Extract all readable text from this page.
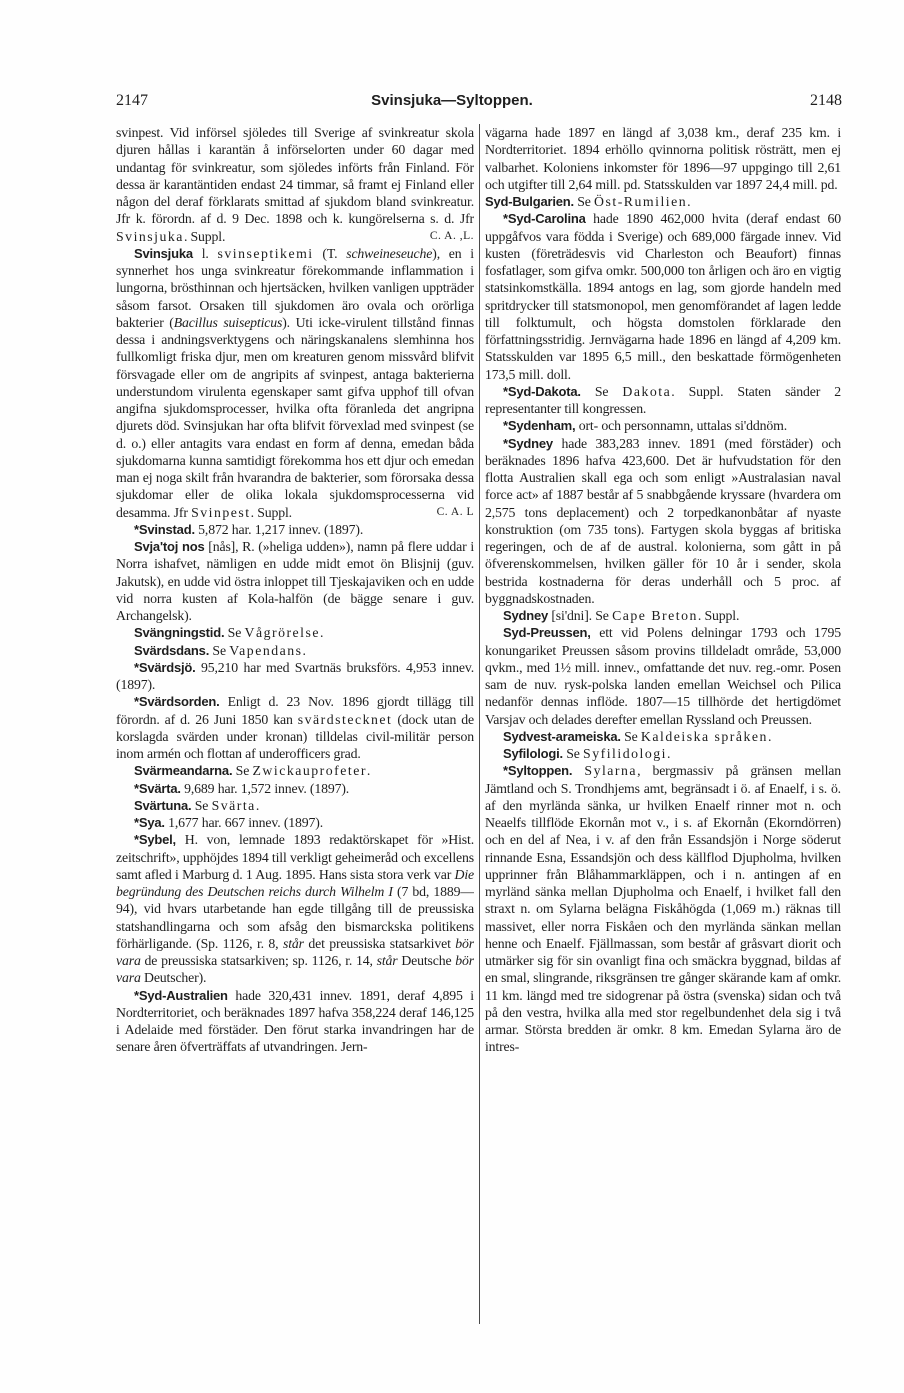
2147	Svinsjuka—Syltoppen.	2148

svinpest. Vid införsel sjöledes till Sverige af svinkreatur skola djuren hållas i karantän å införselorten under 60 dagar med undantag för svinkreatur, som sjöledes införts från Finland. För dessa är karantäntiden endast 24 timmar, så framt ej Finland eller någon del deraf förklarats smittad af sjukdom bland svinkreatur. Jfr k. förordn. af d. 9 Dec. 1898 och k. kungörelserna s. d. Jfr Svinsjuka. Suppl.	C. A. ,L.

Svinsjuka l. svinseptikemi (T. schweineseuche), en i synnerhet hos unga svinkreatur förekommande inflammation i lungorna, brösthinnan och hjertsäcken, hvilken vanligen uppträder såsom farsot. Orsaken till sjukdomen äro ovala och orörliga bakterier (Bacillus suisepticus). Uti icke-virulent tillstånd finnas dessa i andningsverktygens och näringskanalens slemhinna hos fullkomligt friska djur, men om kreaturen genom missvård blifvit försvagade eller om de angripits af svinpest, antaga bakterierna understundom virulenta egenskaper samt gifva upphof till ofvan angifna sjukdomsprocesser, hvilka ofta föranleda det angripna djurets död. Svinsjukan har ofta blifvit förvexlad med svinpest (se d. o.) eller antagits vara endast en form af denna, emedan båda sjukdomarna kunna samtidigt förekomma hos ett djur och emedan man ej noga skilt från hvarandra de bakterier, som förorsaka dessa sjukdomar eller de olika lokala sjukdomsprocesserna vid desamma. Jfr Svinpest. Suppl.	C. A. L

*Svinstad. 5,872 har. 1,217 innev. (1897).

Svja'toj nos [nås], R. (»heliga udden»), namn på flere uddar i Norra ishafvet, nämligen en udde midt emot ön Blisjnij (guv. Jakutsk), en udde vid östra inloppet till Tjeskajaviken och en udde vid norra kusten af Kola-halfön (de bägge senare i guv. Archangelsk).

Svängningstid. Se Vågrörelse.

Svärdsdans. Se Vapendans.

*Svärdsjö. 95,210 har med Svartnäs bruksförs. 4,953 innev. (1897).

*Svärdsorden. Enligt d. 23 Nov. 1896 gjordt tillägg till förordn. af d. 26 Juni 1850 kan svärdstecknet (dock utan de korslagda svärden under kronan) tilldelas civil-militär person inom armén och flottan af underofficers grad.

Svärmeandarna. Se Zwickauprofeter.

*Svärta. 9,689 har. 1,572 innev. (1897).

Svärtuna. Se Svärta.

*Sya. 1,677 har. 667 innev. (1897).

*Sybel, H. von, lemnade 1893 redaktörskapet för »Hist. zeitschrift», upphöjdes 1894 till verkligt geheimeråd och excellens samt afled i Marburg d. 1 Aug. 1895. Hans sista stora verk var Die begründung des Deutschen reichs durch Wilhelm I (7 bd, 1889—94), vid hvars utarbetande han egde tillgång till de preussiska statshandlingarna och som afsåg den bismarckska politikens förhärligande. (Sp. 1126, r. 8, står det preussiska statsarkivet bör vara de preussiska statsarkiven; sp. 1126, r. 14, står Deutsche bör vara Deutscher).

*Syd-Australien hade 320,431 innev. 1891, deraf 4,895 i Nordterritoriet, och beräknades 1897 hafva 358,224 deraf 146,125 i Adelaide med förstäder. Den förut starka invandringen har de senare åren öfverträffats af utvandringen. Jern-

vägarna hade 1897 en längd af 3,038 km., deraf 235 km. i Nordterritoriet. 1894 erhöllo qvinnorna politisk rösträtt, men ej valbarhet. Koloniens inkomster för 1896—97 uppgingo till 2,61 och utgifter till 2,64 mill. pd. Statsskulden var 1897 24,4 mill. pd.

Syd-Bulgarien. Se Öst-Rumilien.

*Syd-Carolina hade 1890 462,000 hvita (deraf endast 60 uppgåfvos vara födda i Sverige) och 689,000 färgade innev. Vid kusten (företrädesvis vid Charleston och Beaufort) finnas fosfatlager, som gifva omkr. 500,000 ton årligen och äro en vigtig statsinkomstkälla. 1894 antogs en lag, som gjorde handeln med spritdrycker till statsmonopol, men genomförandet af lagen ledde till folktumult, och högsta domstolen förklarade den författningsstridig. Jernvägarna hade 1896 en längd af 4,209 km. Statsskulden var 1895 6,5 mill., den beskattade förmögenheten 173,5 mill. doll.

*Syd-Dakota. Se Dakota. Suppl. Staten sänder 2 representanter till kongressen.

*Sydenham, ort- och personnamn, uttalas si'ddnöm.

*Sydney hade 383,283 innev. 1891 (med förstäder) och beräknades 1896 hafva 423,600. Det är hufvudstation för den flotta Australien skall ega och som enligt »Australasian naval force act» af 1887 består af 5 snabbgående kryssare (hvardera om 2,575 tons deplacement) och 2 torpedkanonbåtar af nyaste konstruktion (om 735 tons). Fartygen skola byggas af britiska regeringen, och de af de austral. kolonierna, som gått in på öfverenskommelsen, hvilken gäller för 10 år i sender, skola bestrida kostnaderna för deras underhåll och 5 proc. af byggnadskostnaden.

Sydney [si'dni]. Se Cape Breton. Suppl.

Syd-Preussen, ett vid Polens delningar 1793 och 1795 konungariket Preussen såsom provins tilldeladt område, 53,000 qvkm., med 1½ mill. innev., omfattande det nuv. reg.-omr. Posen sam de nuv. rysk-polska landen emellan Weichsel och Pilica nedanför dennas inflöde. 1807—15 tillhörde det hertigdömet Varsjav och delades derefter emellan Ryssland och Preussen.

Sydvest-arameiska. Se Kaldeiska språken.

Syfilologi. Se Syfilidologi.

*Syltoppen. Sylarna, bergmassiv på gränsen mellan Jämtland och S. Trondhjems amt, begränsadt i ö. af Enaelf, i s. ö. af den myrlända sänka, ur hvilken Enaelf rinner mot n. och Neaelfs tillflöde Ekornån mot v., i s. af Ekornån (Ekorndörren) och en del af Nea, i v. af den från Essandsjön i Norge söderut rinnande Esna, Essandsjön och dess källflod Djupholma, hvilken upprinner från Blåhammarkläppen, och i n. antingen af en myrländ sänka mellan Djupholma och Enaelf, i hvilket fall den straxt n. om Sylarna belägna Fiskåhögda (1,069 m.) räknas till massivet, eller norra Fiskåen och den myrlända sänkan mellan henne och Enaelf. Fjällmassan, som består af gråsvart diorit och utmärker sig för sin ovanligt fina och smäckra byggnad, bildas af en smal, slingrande, riksgränsen tre gånger skärande kam af omkr. 11 km. längd med tre sidogrenar på östra (svenska) sidan och två på den vestra, hvilka alla med stor regelbundenhet dela sig i två armar. Största bredden är omkr. 8 km. Emedan Sylarna äro de intres-
